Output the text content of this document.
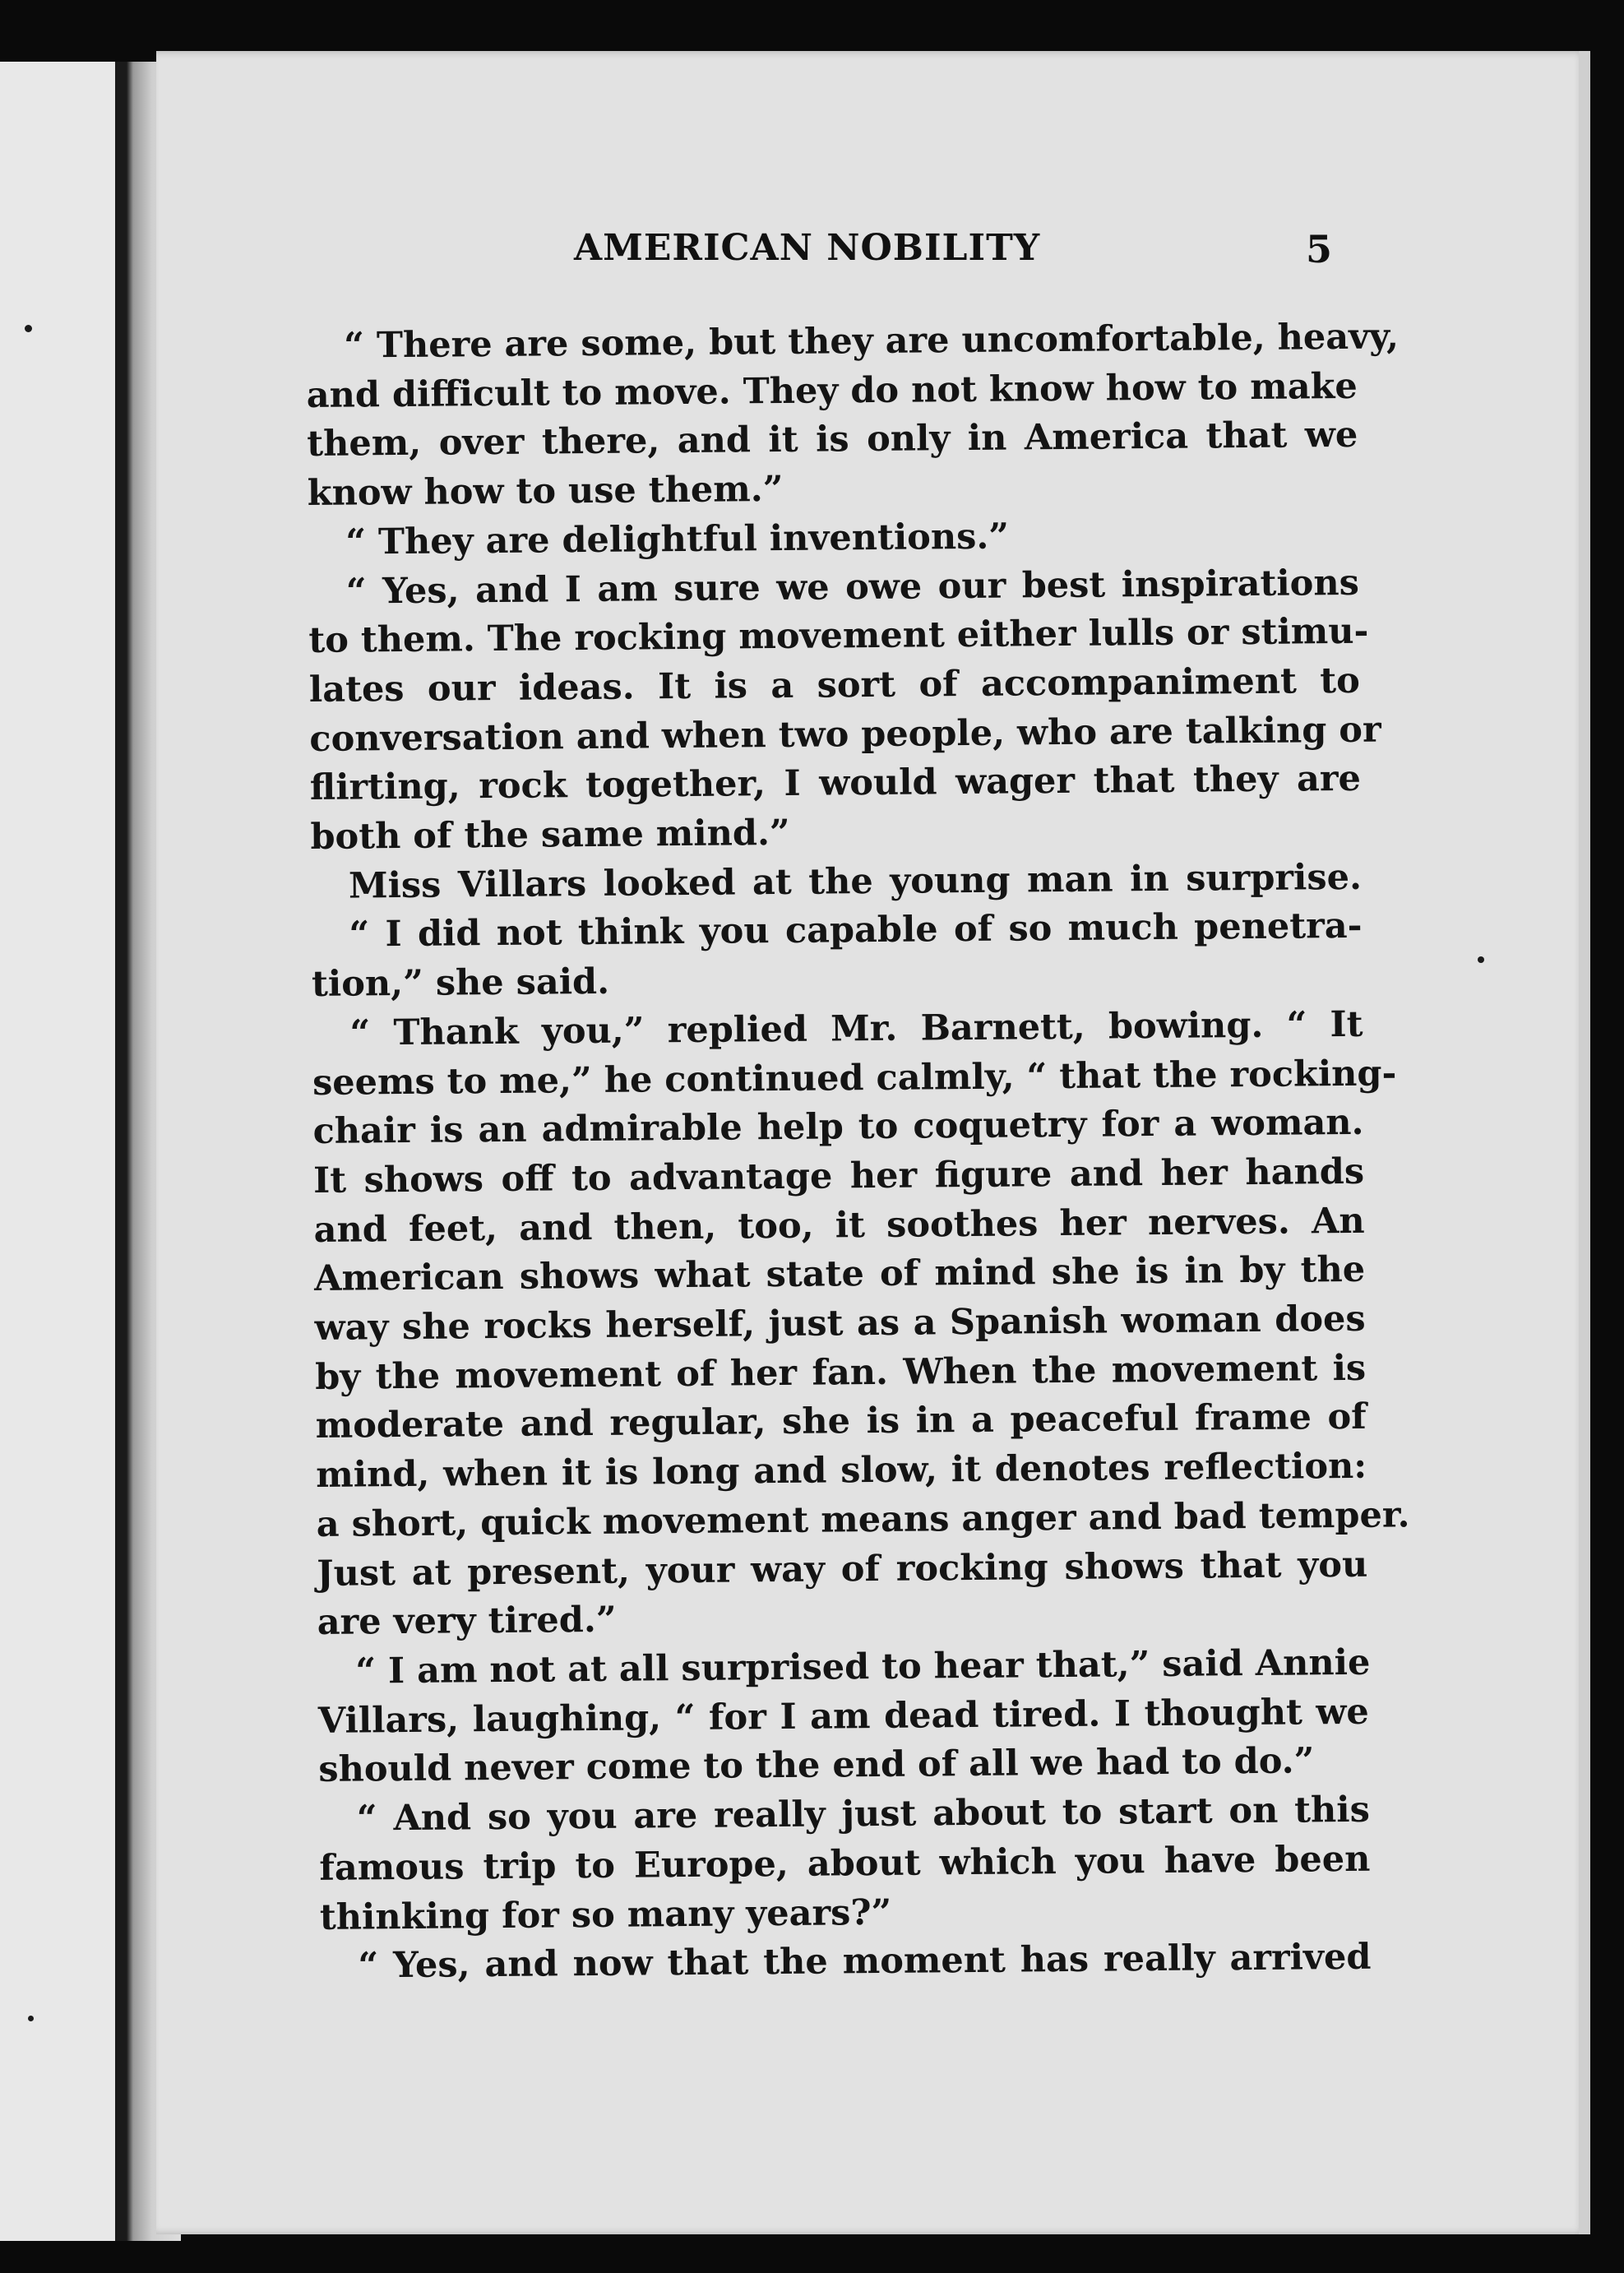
AMERICAN NOBILITY	5
“ There are some, but they are uncomfortable, heavy,
and difficult to move. They do not know how to make
them, over there, and it is only in America that we
know how to use them.”
“ They are delightful inventions.”
“ Yes, and I am sure we owe our best inspirations
to them. The rocking movement either lulls or stimu-
lates our ideas. It is a sort of accompaniment to
conversation and when two people, who are talking or
flirting, rock together, I would wager that they are
both of the same mind.”
Miss Villars looked at the young man in surprise.
“ I did not think you capable of so much penetra-
tion,” she said.
“ Thank you,” replied Mr. Barnett, bowing. “ It
seems to me,” he continued calmly, “ that the rocking-
chair is an admirable help to coquetry for a woman.
It shows off to advantage her figure and her hands
and feet, and then, too, it soothes her nerves. An
American shows what state of mind she is in by the
way she rocks herself, just as a Spanish woman does
by the movement of her fan. When the movement is
moderate and regular, she is in a peaceful frame of
mind, when it is long and slow, it denotes reflection:
a short, quick movement means anger and bad temper.
Just at present, your way of rocking shows that you
are very tired.”
“ I am not at all surprised to hear that,” said Annie
Villars, laughing, “ for I am dead tired. I thought we
should never come to the end of all we had to do.”
“ And so you are really just about to start on this
famous trip to Europe, about which you have been
thinking for so many years?”
“ Yes, and now that the moment has really arrived
